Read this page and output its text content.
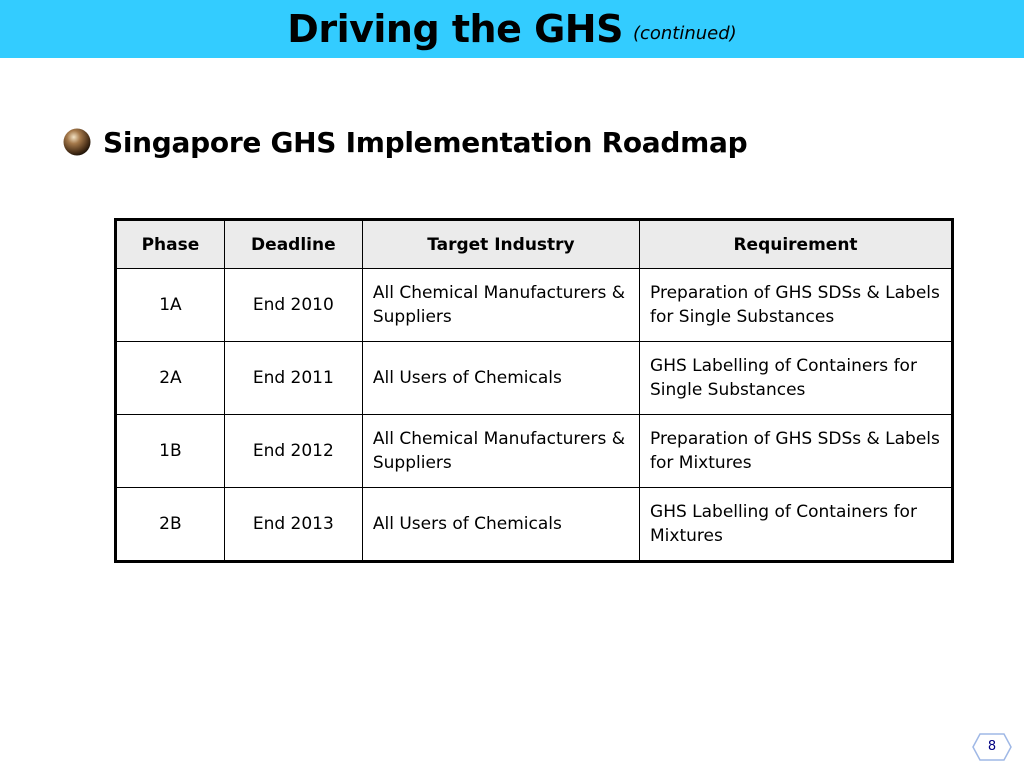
Driving the GHS (continued)
Singapore GHS Implementation Roadmap
Phase	Deadline	Target Industry	Requirement
1A	End 2010	All Chemical Manufacturers & Suppliers	Preparation of GHS SDSs & Labels for Single Substances
2A	End 2011	All Users of Chemicals	GHS Labelling of Containers for Single Substances
1B	End 2012	All Chemical Manufacturers & Suppliers	Preparation of GHS SDSs & Labels for Mixtures
2B	End 2013	All Users of Chemicals	GHS Labelling of Containers for Mixtures
8
